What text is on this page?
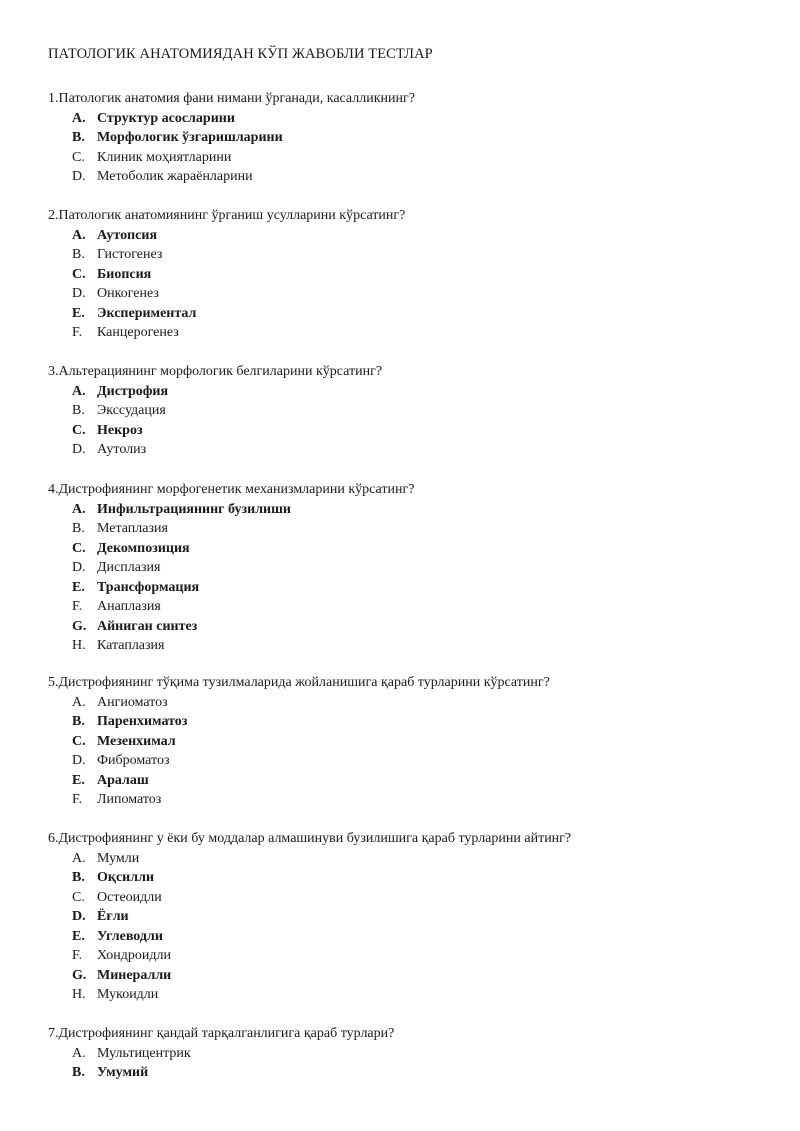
ПАТОЛОГИК АНАТОМИЯДАН КЎП ЖАВОБЛИ ТЕСТЛАР
1.Патологик анатомия фани нимани ўрганади, касалликнинг?
A. Структур асосларини
B. Морфологик ўзгаришларини
C. Клиник моҳиятларини
D. Метоболик жараёнларини
2.Патологик анатомиянинг ўрганиш усулларини кўрсатинг?
A. Аутопсия
B. Гистогенез
C. Биопсия
D. Онкогенез
E. Экспериментал
F. Канцерогенез
3.Альтерациянинг морфологик белгиларини кўрсатинг?
A. Дистрофия
B. Экссудация
C. Некроз
D. Аутолиз
4.Дистрофиянинг морфогенетик механизмларини кўрсатинг?
A. Инфильтрациянинг бузилиши
B. Метаплазия
C. Декомпозиция
D. Дисплазия
E. Трансформация
F. Анаплазия
G. Айниган синтез
H. Катаплазия
5.Дистрофиянинг тўқима тузилмаларида жойланишига қараб турларини кўрсатинг?
A. Ангиоматоз
B. Паренхиматоз
C. Мезенхимал
D. Фиброматоз
E. Аралаш
F. Липоматоз
6.Дистрофиянинг у ёки бу моддалар алмашинуви бузилишига қараб турларини айтинг?
A. Мумли
B. Оқсилли
C. Остеоидли
D. Ёғли
E. Углеводли
F. Хондроидли
G. Минералли
H. Мукоидли
7.Дистрофиянинг қандай тарқалганлигига қараб турлари?
A. Мультицентрик
B. Умумий
